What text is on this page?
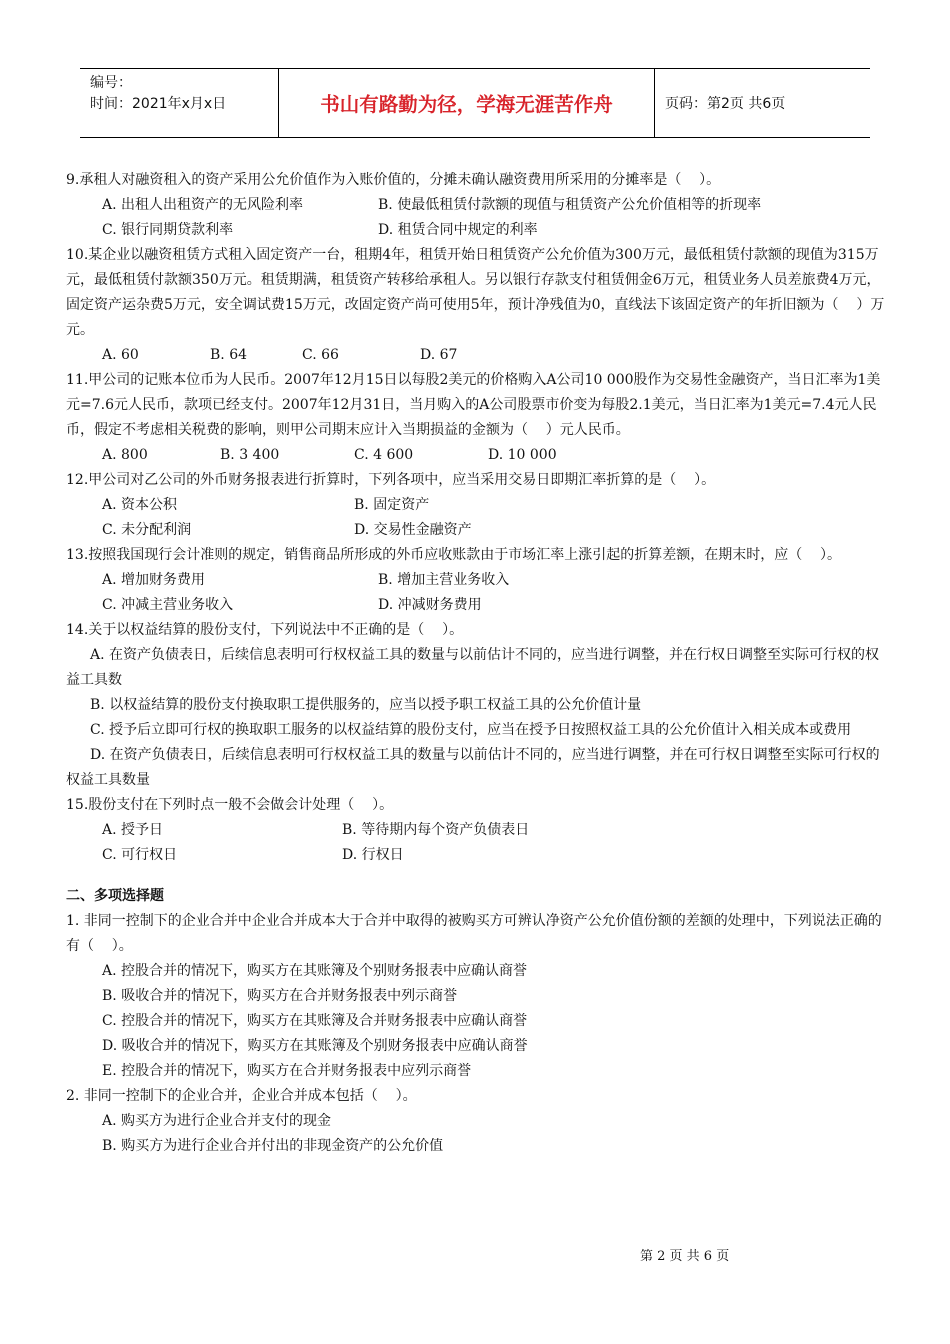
编号：
时间：2021年x月x日	书山有路勤为径，学海无涯苦作舟	页码：第2页 共6页

9.承租人对融资租入的资产采用公允价值作为入账价值的，分摊未确认融资费用所采用的分摊率是（    ）。

A. 出租人出租资产的无风险利率	B. 使最低租赁付款额的现值与租赁资产公允价值相等的折现率
C. 银行同期贷款利率	D. 租赁合同中规定的利率

10.某企业以融资租赁方式租入固定资产一台，租期4年，租赁开始日租赁资产公允价值为300万元，最低租赁付款额的现值为315万元，最低租赁付款额350万元。租赁期满，租赁资产转移给承租人。另以银行存款支付租赁佣金6万元，租赁业务人员差旅费4万元，固定资产运杂费5万元，安全调试费15万元，改固定资产尚可使用5年，预计净残值为0，直线法下该固定资产的年折旧额为（    ）万元。

A. 60	B. 64	C. 66	D. 67

11.甲公司的记账本位币为人民币。2007年12月15日以每股2美元的价格购入A公司10 000股作为交易性金融资产，当日汇率为1美元=7.6元人民币，款项已经支付。2007年12月31日，当月购入的A公司股票市价变为每股2.1美元，当日汇率为1美元=7.4元人民币，假定不考虑相关税费的影响，则甲公司期末应计入当期损益的金额为（    ）元人民币。

A. 800	B. 3 400	C. 4 600	D. 10 000

12.甲公司对乙公司的外币财务报表进行折算时，下列各项中，应当采用交易日即期汇率折算的是（    ）。

A. 资本公积	B. 固定资产
C. 未分配利润	D. 交易性金融资产

13.按照我国现行会计准则的规定，销售商品所形成的外币应收账款由于市场汇率上涨引起的折算差额，在期末时，应（    ）。

A. 增加财务费用	B. 增加主营业务收入
C. 冲减主营业务收入	D. 冲减财务费用

14.关于以权益结算的股份支付，下列说法中不正确的是（    ）。

A. 在资产负债表日，后续信息表明可行权权益工具的数量与以前估计不同的，应当进行调整，并在行权日调整至实际可行权的权益工具数

B. 以权益结算的股份支付换取职工提供服务的，应当以授予职工权益工具的公允价值计量

C. 授予后立即可行权的换取职工服务的以权益结算的股份支付，应当在授予日按照权益工具的公允价值计入相关成本或费用

D. 在资产负债表日，后续信息表明可行权权益工具的数量与以前估计不同的，应当进行调整，并在可行权日调整至实际可行权的权益工具数量

15.股份支付在下列时点一般不会做会计处理（    ）。

A. 授予日	B. 等待期内每个资产负债表日
C. 可行权日	D. 行权日

二、多项选择题

1. 非同一控制下的企业合并中企业合并成本大于合并中取得的被购买方可辨认净资产公允价值份额的差额的处理中，下列说法正确的有（    ）。

A. 控股合并的情况下，购买方在其账簿及个别财务报表中应确认商誉

B. 吸收合并的情况下，购买方在合并财务报表中列示商誉

C. 控股合并的情况下，购买方在其账簿及合并财务报表中应确认商誉

D. 吸收合并的情况下，购买方在其账簿及个别财务报表中应确认商誉

E. 控股合并的情况下，购买方在合并财务报表中应列示商誉

2. 非同一控制下的企业合并，企业合并成本包括（    ）。

A. 购买方为进行企业合并支付的现金

B. 购买方为进行企业合并付出的非现金资产的公允价值

第 2 页 共 6 页
